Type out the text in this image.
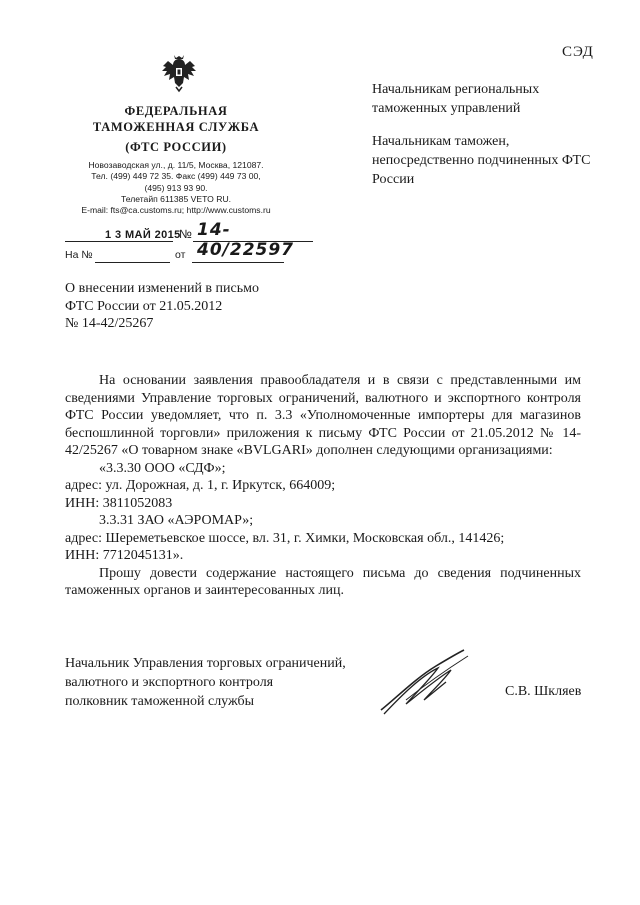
СЭД
ФЕДЕРАЛЬНАЯ
ТАМОЖЕННАЯ СЛУЖБА
(ФТС РОССИИ)
Новозаводская ул., д. 11/5, Москва, 121087.
Тел. (499) 449 72 35. Факс (499) 449 73 00,
(495) 913 93 90.
Телетайп 611385 VETO RU.
E-mail: fts@ca.customs.ru; http://www.customs.ru

Начальникам региональных таможенных управлений

Начальникам таможен, непосредственно подчиненных ФТС России

1 3 МАЙ 2015
№ 14-40/22597
На №	от
О внесении изменений в письмо
ФТС России от 21.05.2012
№ 14-42/25267

На основании заявления правообладателя и в связи с представленными им сведениями Управление торговых ограничений, валютного и экспортного контроля ФТС России уведомляет, что п. 3.3 «Уполномоченные импортеры для магазинов беспошлинной торговли» приложения к письму ФТС России от 21.05.2012 № 14-42/25267 «О товарном знаке «BVLGARI» дополнен следующими организациями:

«3.3.30 ООО «СДФ»;

адрес: ул. Дорожная, д. 1, г. Иркутск, 664009;

ИНН: 3811052083

3.3.31 ЗАО «АЭРОМАР»;

адрес: Шереметьевское шоссе, вл. 31, г. Химки, Московская обл., 141426;

ИНН: 7712045131».

Прошу довести содержание настоящего письма до сведения подчиненных таможенных органов и заинтересованных лиц.

Начальник Управления торговых ограничений,
валютного и экспортного контроля
полковник таможенной службы
С.В. Шкляев
